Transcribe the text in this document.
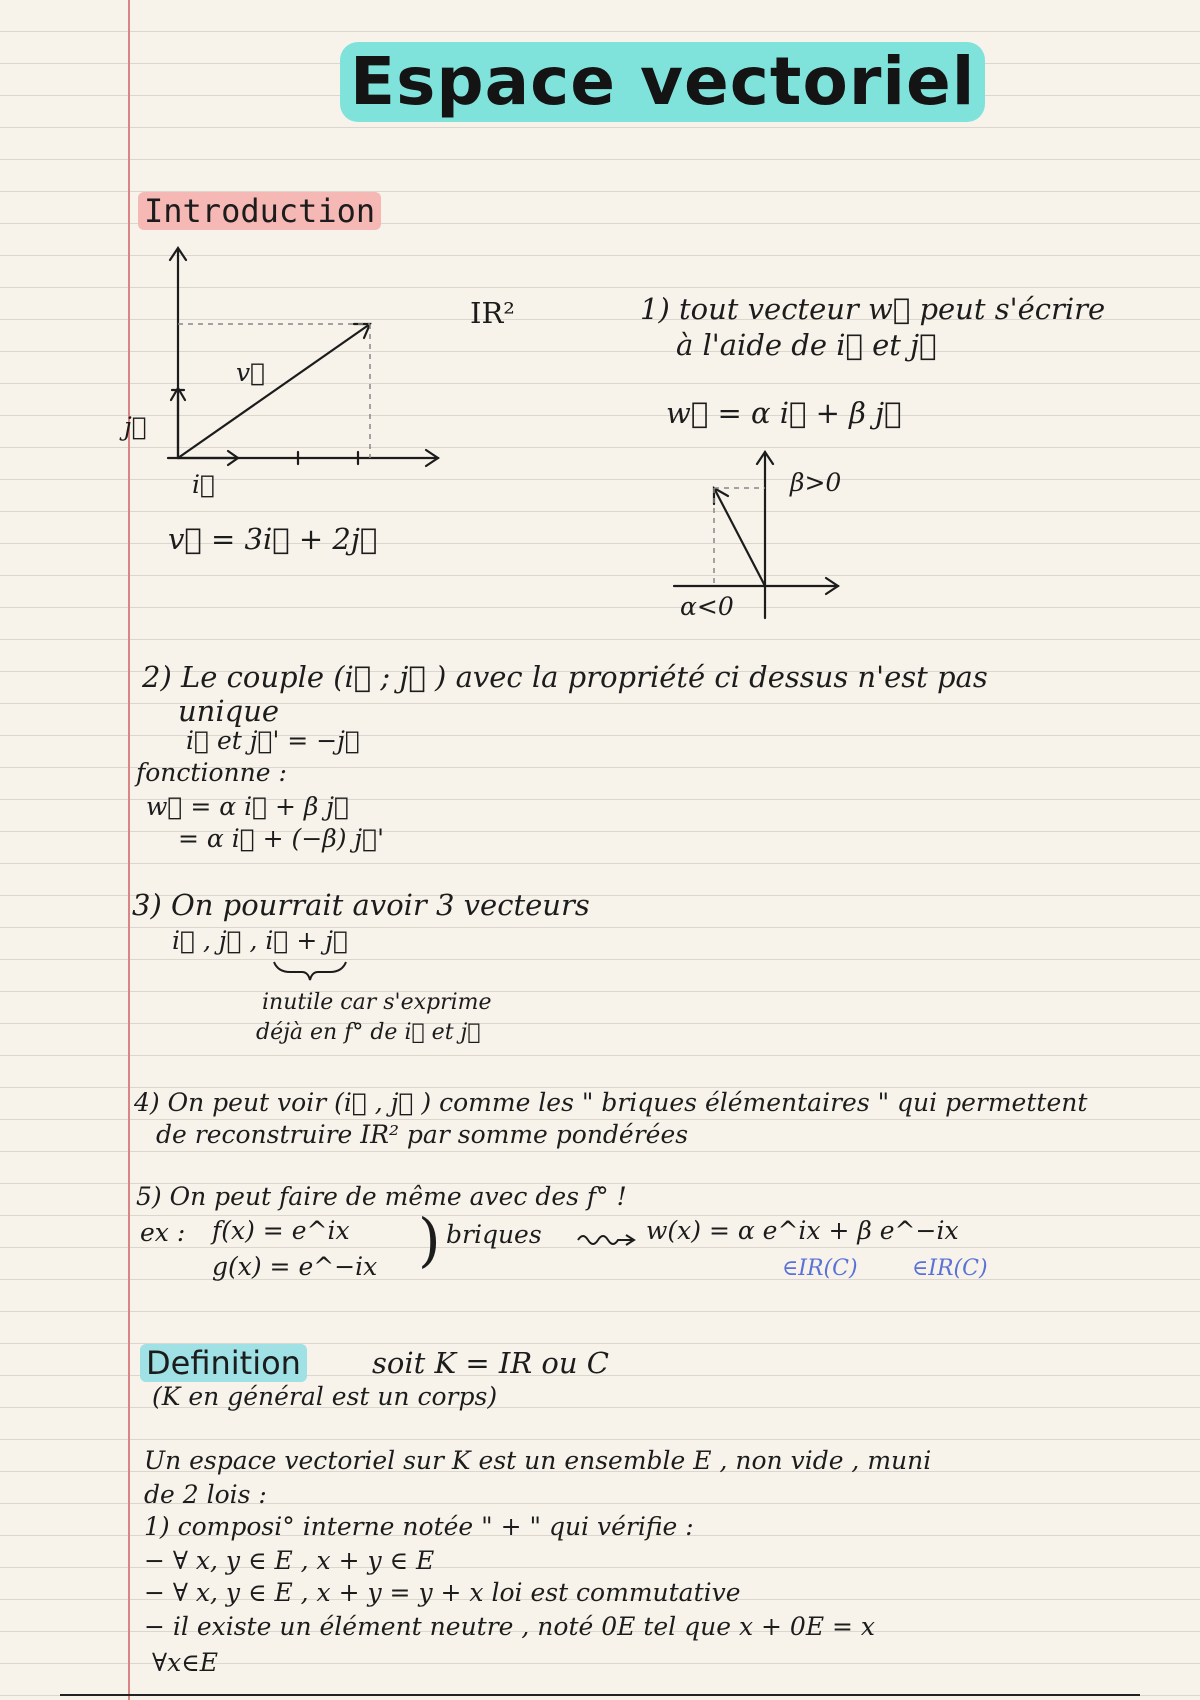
Espace vectoriel
Introduction
v⃗
j⃗
i⃗
v⃗ = 3i⃗ + 2j⃗
IR²	1) tout vecteur w⃗ peut s'écrire
à l'aide de i⃗ et j⃗
w⃗ = α i⃗ + β j⃗
β>0
α<0
2) Le couple (i⃗ ; j⃗ ) avec la propriété ci dessus n'est pas
unique
i⃗ et j⃗' = −j⃗
fonctionne :
w⃗ = α i⃗ + β j⃗
= α i⃗ + (−β) j⃗'
3) On pourrait avoir 3 vecteurs
i⃗ , j⃗ , i⃗ + j⃗
inutile car s'exprime
déjà en f° de i⃗ et j⃗
4) On peut voir (i⃗ , j⃗ ) comme les " briques élémentaires " qui permettent
de reconstruire IR² par somme pondérées
5) On peut faire de même avec des f° !
ex : f(x) = e^ix
g(x) = e^−ix ) briques	w(x) = α e^ix + β e^−ix
∈IR(C) ∈IR(C)
Definition soit K = IR ou C
(K en général est un corps)
Un espace vectoriel sur K est un ensemble E , non vide , muni
de 2 lois :
1) composi° interne notée " + " qui vérifie :
− ∀ x, y ∈ E , x + y ∈ E
− ∀ x, y ∈ E , x + y = y + x loi est commutative
− il existe un élément neutre , noté 0E tel que x + 0E = x
∀x∈E
